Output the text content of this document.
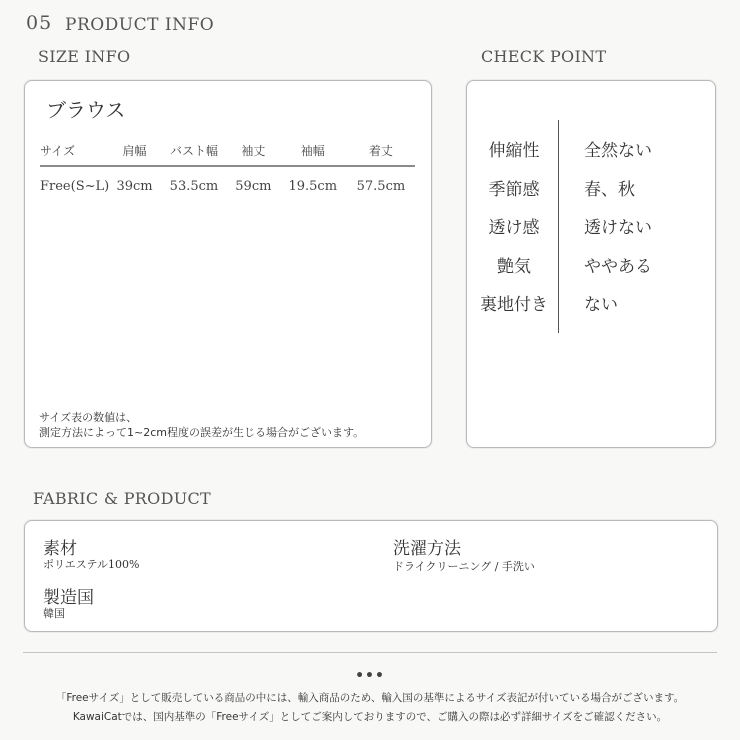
05 PRODUCT INFO
SIZE INFO
ブラウス
サイズ	肩幅	バスト幅	袖丈	袖幅	着丈
Free(S~L)	39cm	53.5cm	59cm	19.5cm	57.5cm
サイズ表の数値は、
測定方法によって1~2cm程度の誤差が生じる場合がございます。
CHECK POINT
伸縮性	全然ない
季節感	春、秋
透け感	透けない
艶気	ややある
裏地付き ない
FABRIC & PRODUCT
素材
ポリエステル100%
洗濯方法
ドライクリーニング / 手洗い
製造国
韓国
•••
「Freeサイズ」として販売している商品の中には、輸入商品のため、輸入国の基準によるサイズ表記が付いている場合がございます。
KawaiCatでは、国内基準の「Freeサイズ」としてご案内しておりますので、ご購入の際は必ず詳細サイズをご確認ください。
